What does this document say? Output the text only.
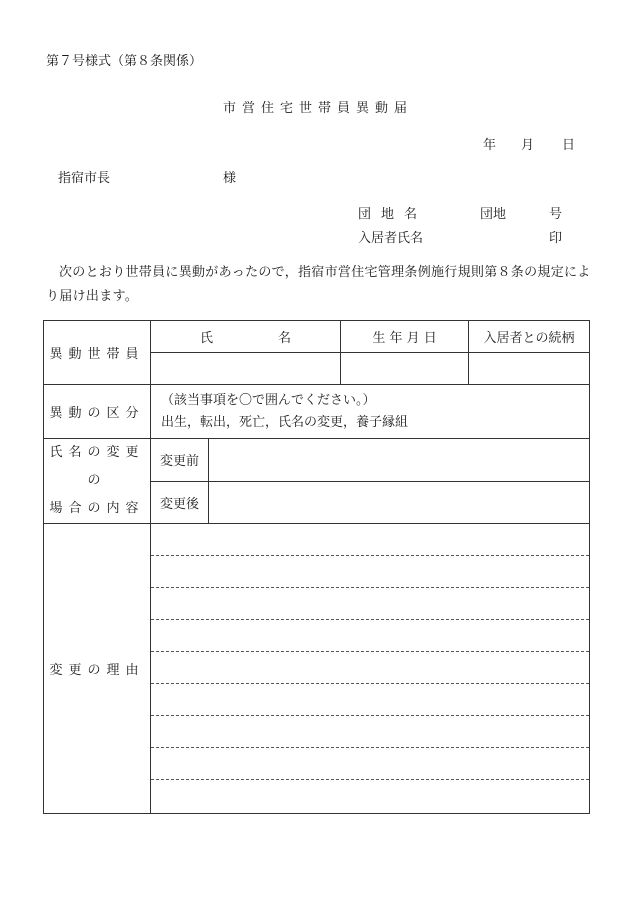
第７号様式（第８条関係）
市営住宅世帯員異動届
年 月 日
指宿市長	様
団地名	団地	号
入居者氏名	印
次のとおり世帯員に異動があったので，指宿市営住宅管理条例施行規則第８条の規定により届け出ます。
異動世帯員	氏　　　　　名		生 年 月 日	入居者との続柄

異動の区分	（該当事項を〇で囲んでください。）
出生，転出，死亡，氏名の変更，養子縁組			

氏名の変更の
場合の内容	変更前			
	変更後			
変更の理由				
